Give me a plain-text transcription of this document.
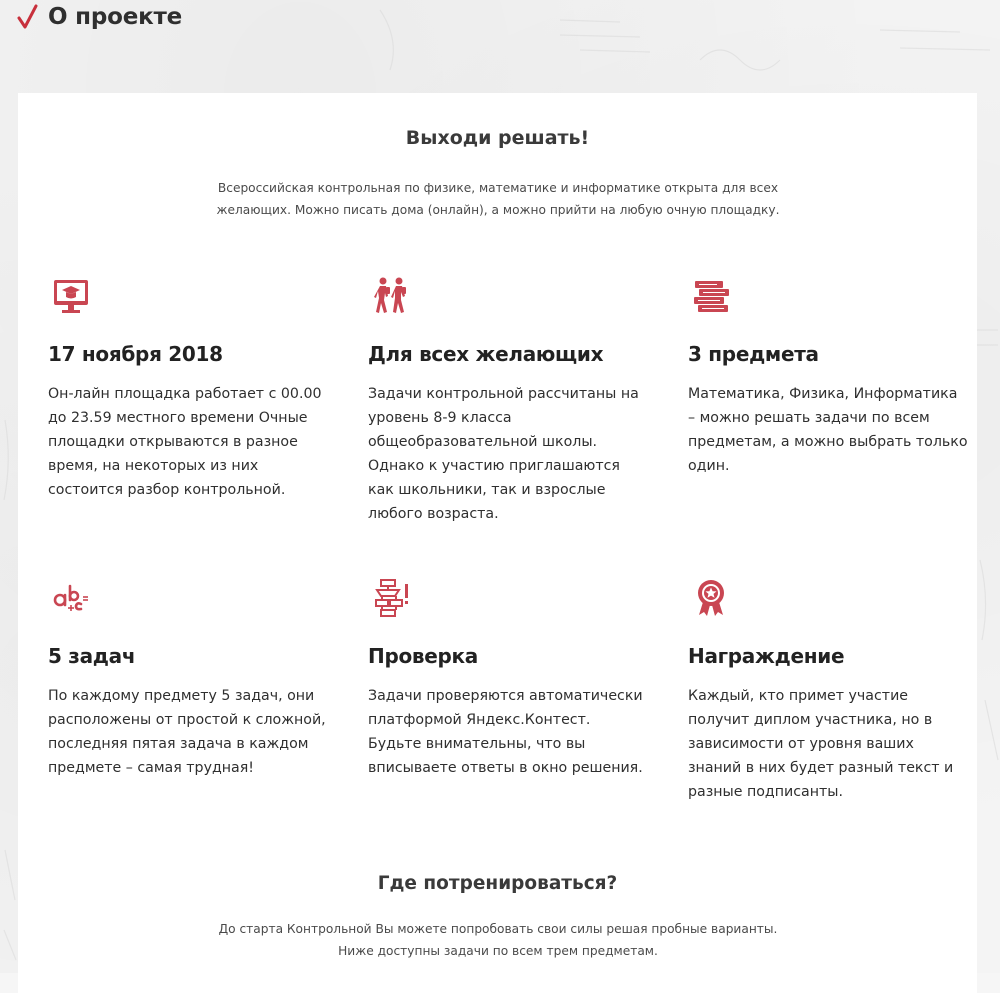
О проекте
Выходи решать!
Всероссийская контрольная по физике, математике и информатике открыта для всех желающих. Можно писать дома (онлайн), а можно прийти на любую очную площадку.
17 ноября 2018
Он-лайн площадка работает с 00.00 до 23.59 местного времени Очные площадки открываются в разное время, на некоторых из них состоится разбор контрольной.
Для всех желающих
Задачи контрольной рассчитаны на уровень 8-9 класса общеобразовательной школы. Однако к участию приглашаются как школьники, так и взрослые любого возраста.
3 предмета
Математика, Физика, Информатика – можно решать задачи по всем предметам, а можно выбрать только один.
5 задач
По каждому предмету 5 задач, они расположены от простой к сложной, последняя пятая задача в каждом предмете – самая трудная!
Проверка
Задачи проверяются автоматически платформой Яндекс.Контест. Будьте внимательны, что вы вписываете ответы в окно решения.
Награждение
Каждый, кто примет участие получит диплом участника, но в зависимости от уровня ваших знаний в них будет разный текст и разные подписанты.
Где потренироваться?
До старта Контрольной Вы можете попробовать свои силы решая пробные варианты.
Ниже доступны задачи по всем трем предметам.
